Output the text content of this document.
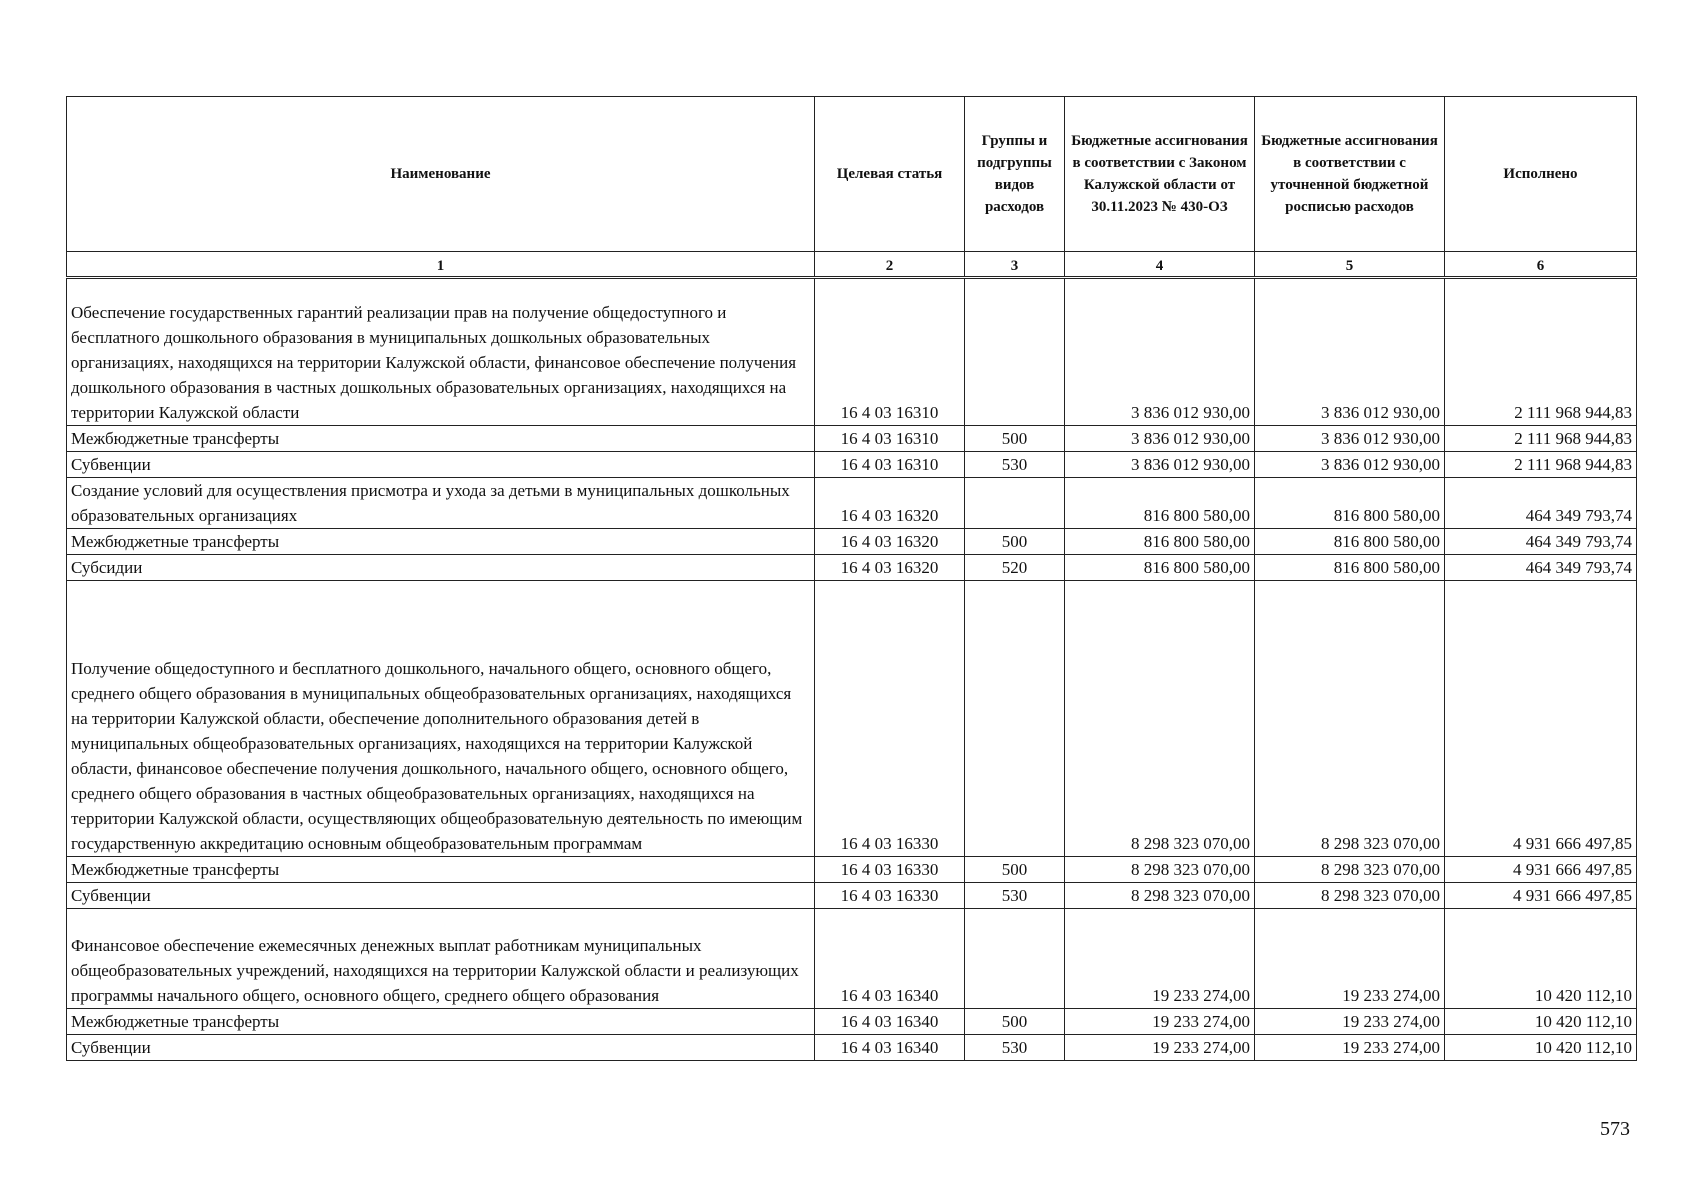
Наименование	Целевая статья	Группы и подгруппы видов расходов	Бюджетные ассигнования в соответствии с Законом Калужской области от 30.11.2023 № 430-ОЗ	Бюджетные ассигнования в соответствии с уточненной бюджетной росписью расходов	Исполнено
1	2	3	4	5	6
Обеспечение государственных гарантий реализации прав на получение общедоступного и бесплатного дошкольного образования в муниципальных дошкольных образовательных организациях, находящихся на территории Калужской области, финансовое обеспечение получения дошкольного образования в частных дошкольных образовательных организациях, находящихся на территории Калужской области	16 4 03 16310		3 836 012 930,00	3 836 012 930,00	2 111 968 944,83
Межбюджетные трансферты	16 4 03 16310	500	3 836 012 930,00	3 836 012 930,00	2 111 968 944,83
Субвенции	16 4 03 16310	530	3 836 012 930,00	3 836 012 930,00	2 111 968 944,83
Создание условий для осуществления присмотра и ухода за детьми в муниципальных дошкольных образовательных организациях	16 4 03 16320		816 800 580,00	816 800 580,00	464 349 793,74
Межбюджетные трансферты	16 4 03 16320	500	816 800 580,00	816 800 580,00	464 349 793,74
Субсидии	16 4 03 16320	520	816 800 580,00	816 800 580,00	464 349 793,74
Получение общедоступного и бесплатного дошкольного, начального общего, основного общего, среднего общего образования в муниципальных общеобразовательных организациях, находящихся на территории Калужской области, обеспечение дополнительного образования детей в муниципальных общеобразовательных организациях, находящихся на территории Калужской области, финансовое обеспечение получения дошкольного, начального общего, основного общего, среднего общего образования в частных общеобразовательных организациях, находящихся на территории Калужской области, осуществляющих общеобразовательную деятельность по имеющим государственную аккредитацию основным общеобразовательным программам	16 4 03 16330		8 298 323 070,00	8 298 323 070,00	4 931 666 497,85
Межбюджетные трансферты	16 4 03 16330	500	8 298 323 070,00	8 298 323 070,00	4 931 666 497,85
Субвенции	16 4 03 16330	530	8 298 323 070,00	8 298 323 070,00	4 931 666 497,85
Финансовое обеспечение ежемесячных денежных выплат работникам муниципальных общеобразовательных учреждений, находящихся на территории Калужской области и реализующих программы начального общего, основного общего, среднего общего образования	16 4 03 16340		19 233 274,00	19 233 274,00	10 420 112,10
Межбюджетные трансферты	16 4 03 16340	500	19 233 274,00	19 233 274,00	10 420 112,10
Субвенции	16 4 03 16340	530	19 233 274,00	19 233 274,00	10 420 112,10
573
